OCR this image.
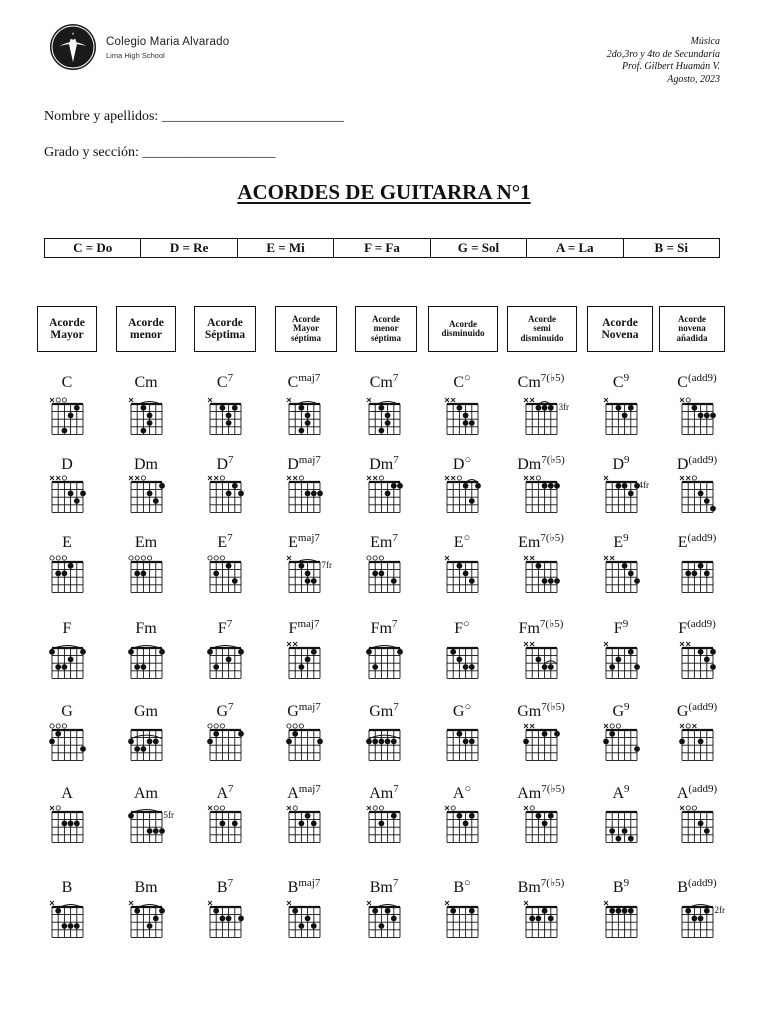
Colegio Maria Alvarado
Lima High School
Música
2do,3ro y 4to de Secundaria
Prof. Gilbert Huamán V.
Agosto, 2023
Nombre y apellidos: __________________________
Grado y sección: ___________________
ACORDES DE GUITARRA N°1
C = Do	D = Re	E = Mi	F = Fa	G = Sol	A = La	B = Si
Acorde
Mayor
Acorde
menor
Acorde
Séptima
Acorde
Mayor
séptima
Acorde
menor
séptima
Acorde
disminuido
Acorde
semi
disminuido
Acorde
Novena
Acorde
novena
añadida
C	Cm	$C^7$	$C^{maj7}$	Cm$^7$	C○	$Cm^{7(♭5)}$	$C^9$	$C^{(add9)}$
D	Dm	$D^7$	$D^{maj7}$	Dm$^7$	D○	$Dm^{7(♭5)}$	$D^9$	$D^{(add9)}$
E	Em	$E^7$	$E^{maj7}$	Em$^7$	E○	$Em^{7(♭5)}$	$E^9$	$E^{(add9)}$
F	Fm	$F^7$	$F^{maj7}$	Fm$^7$	F○	$Fm^{7(♭5)}$	$F^9$	$F^{(add9)}$
G	Gm	$G^7$	$G^{maj7}$	Gm$^7$	G○	$Gm^{7(♭5)}$	$G^9$	$G^{(add9)}$
A	Am	$A^7$	$A^{maj7}$	Am$^7$	A○	$Am^{7(♭5)}$	$A^9$	$A^{(add9)}$
B	Bm	$B^7$	$B^{maj7}$	Bm$^7$	B○	$Bm^{7(♭5)}$	$B^9$	$B^{(add9)}$
3fr
4fr
7fr
5fr
2fr
